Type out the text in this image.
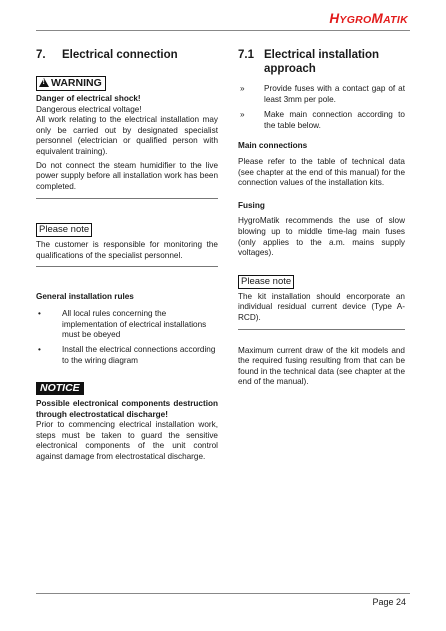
HYGROMATIK
7.	Electrical connection
!WARNING

Danger of electrical shock!

Dangerous electrical voltage!

All work relating to the electrical installation may only be carried out by designated specialist personnel (electrician or qualified person with equivalent training).

Do not connect the steam humidifier to the live power supply before all installation work has been completed.

Please note

The customer is responsible for monitoring the qualifications of the specialist personnel.

General installation rules

•	All local rules concerning the implementation of electrical installations must be obeyed
•	Install the electrical connections according to the wiring diagram
NOTICE

Possible electronical components destruction through electrostatical discharge!

Prior to commencing electrical installation work, steps must be taken to guard the sensitive electronical components of the unit control against damage from electrostatical discharge.

7.1 Electrical installation approach
»	Provide fuses with a contact gap of at least 3mm per pole.
»	Make main connection according to the table below.

Main connections

Please refer to the table of technical data (see chapter at the end of this manual) for the connection values of the installation kits.

Fusing

HygroMatik recommends the use of slow blowing up to middle time-lag main fuses (only applies to the a.m. mains supply voltages).

Please note

The kit installation should encorporate an individual residual current device (Type A-RCD).

Maximum current draw of the kit models and the required fusing resulting from that can be found in the technical data (see chapter at the end of the manual).

Page 24
